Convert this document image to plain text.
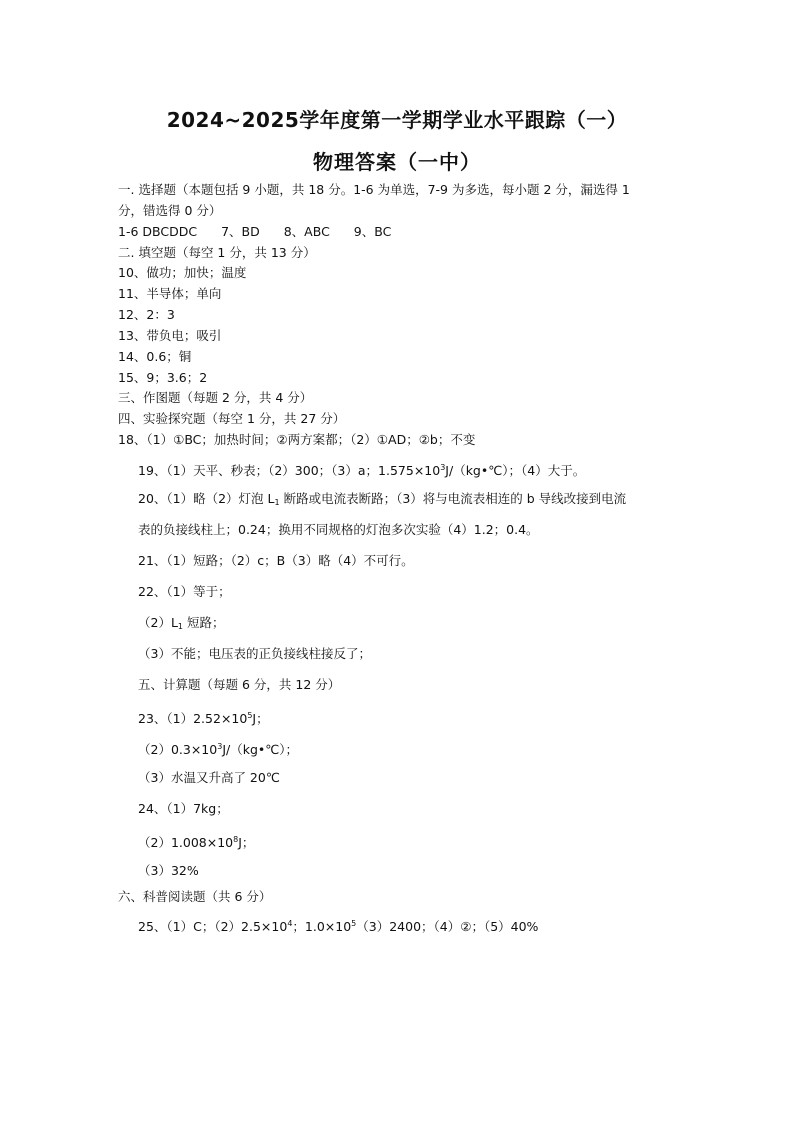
2024~2025学年度第一学期学业水平跟踪（一）
物理答案（一中）
一. 选择题（本题包括 9 小题，共 18 分。1-6 为单选，7-9 为多选，每小题 2 分，漏选得 1
分，错选得 0 分）
1-6 DBCDDC 7、BD 8、ABC 9、BC
二. 填空题（每空 1 分，共 13 分）
10、做功；加快；温度
11、半导体；单向
12、2：3
13、带负电；吸引
14、0.6；铜
15、9；3.6；2
三、作图题（每题 2 分，共 4 分）
四、实验探究题（每空 1 分，共 27 分）
18、（1）①BC；加热时间；②两方案都；（2）①AD；②b；不变
19、（1）天平、秒表；（2）300；（3）a；$1.575\times 10^3J/(kg•℃)$；（4）大于。
20、（1）略（2）灯泡 $L_1$ 断路或电流表断路；（3）将与电流表相连的 b 导线改接到电流
表的负接线柱上；0.24；换用不同规格的灯泡多次实验（4）1.2；0.4。
21、（1）短路；（2）c；B（3）略（4）不可行。
22、（1）等于；
$(2)L_1$ 短路；
（3）不能；电压表的正负接线柱接反了；
五、计算题（每题 6 分，共 12 分）
23、$(1)2.52\times 10^5J$；
$(2)0.3\times 10^3J/(kg•℃)$；
（3）水温又升高了 20℃
24、（1）7kg；
$(2)1.008\times 10^8J$；
（3）32%
六、科普阅读题（共 6 分）
25、（1）C；$(2)2.5\times 10^4$；$1.0\times 10^5(3)2400$；（4）②；（5）40%
